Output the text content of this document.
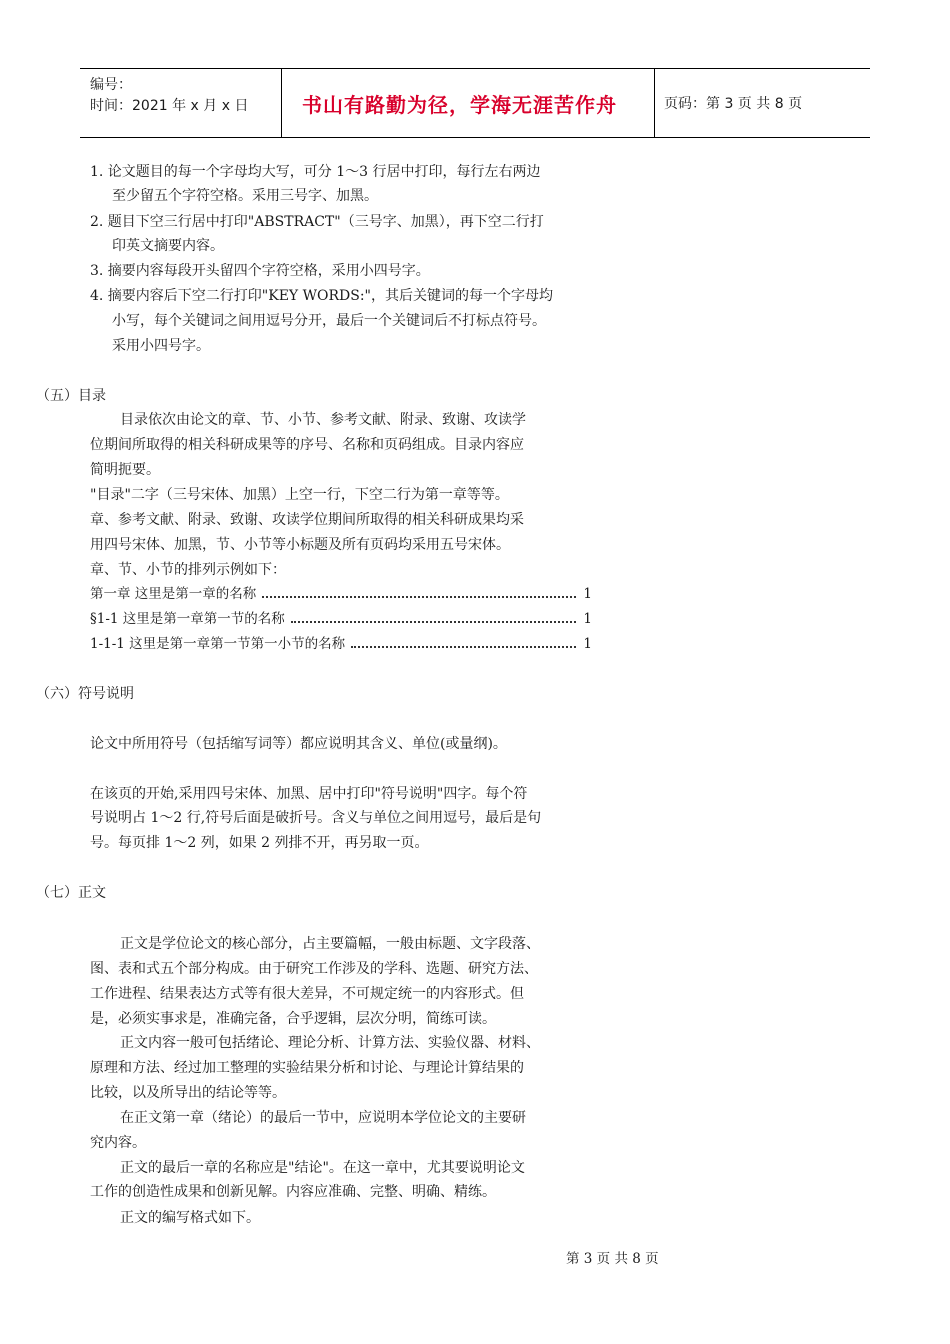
编号：
时间：2021 年 x 月 x 日	书山有路勤为径，学海无涯苦作舟	页码：第 3 页 共 8 页
1. 论文题目的每一个字母均大写，可分 1～3 行居中打印，每行左右两边
至少留五个字符空格。采用三号字、加黑。
2. 题目下空三行居中打印"ABSTRACT"（三号字、加黑），再下空二行打
印英文摘要内容。
3. 摘要内容每段开头留四个字符空格，采用小四号字。
4. 摘要内容后下空二行打印"KEY WORDS:"，其后关键词的每一个字母均
小写，每个关键词之间用逗号分开，最后一个关键词后不打标点符号。
采用小四号字。
（五）目录
目录依次由论文的章、节、小节、参考文献、附录、致谢、攻读学
位期间所取得的相关科研成果等的序号、名称和页码组成。目录内容应
简明扼要。
"目录"二字（三号宋体、加黑）上空一行，下空二行为第一章等等。
章、参考文献、附录、致谢、攻读学位期间所取得的相关科研成果均采
用四号宋体、加黑，节、小节等小标题及所有页码均采用五号宋体。
章、节、小节的排列示例如下：
第一章 这里是第一章的名称	1
§1-1 这里是第一章第一节的名称	1
1-1-1 这里是第一章第一节第一小节的名称	1
（六）符号说明
论文中所用符号（包括缩写词等）都应说明其含义、单位(或量纲)。
在该页的开始,采用四号宋体、加黑、居中打印"符号说明"四字。每个符
号说明占 1～2 行,符号后面是破折号。含义与单位之间用逗号，最后是句
号。每页排 1～2 列，如果 2 列排不开，再另取一页。
（七）正文
正文是学位论文的核心部分，占主要篇幅，一般由标题、文字段落、
图、表和式五个部分构成。由于研究工作涉及的学科、选题、研究方法、
工作进程、结果表达方式等有很大差异，不可规定统一的内容形式。但
是，必须实事求是，准确完备，合乎逻辑，层次分明，简练可读。
正文内容一般可包括绪论、理论分析、计算方法、实验仪器、材料、
原理和方法、经过加工整理的实验结果分析和讨论、与理论计算结果的
比较，以及所导出的结论等等。
在正文第一章（绪论）的最后一节中，应说明本学位论文的主要研
究内容。
正文的最后一章的名称应是"结论"。在这一章中，尤其要说明论文
工作的创造性成果和创新见解。内容应准确、完整、明确、精练。
正文的编写格式如下。
第 3 页 共 8 页
